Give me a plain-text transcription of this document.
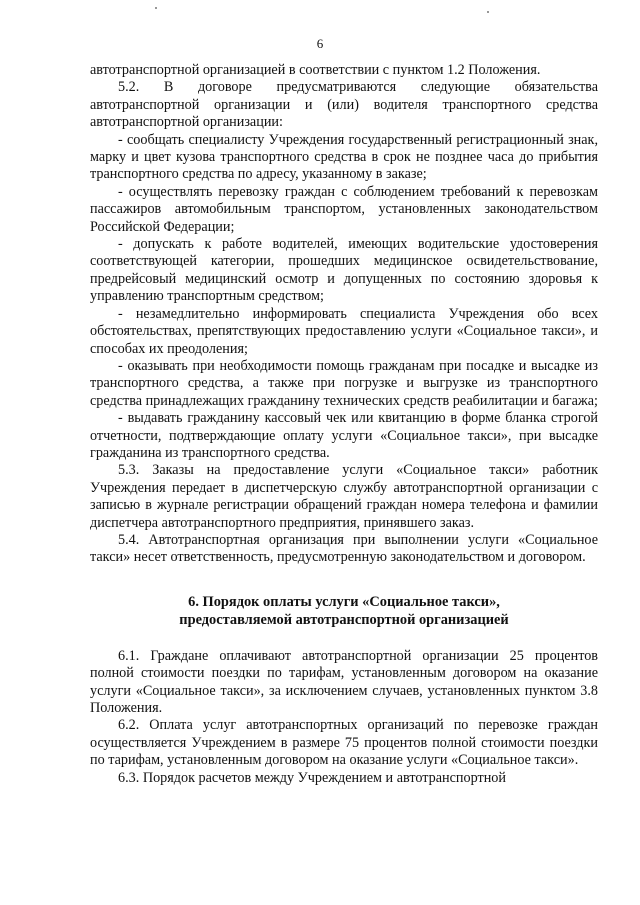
6

автотранспортной организацией в соответствии с пунктом 1.2 Положения.

5.2. В договоре предусматриваются следующие обязательства автотранспортной организации и (или) водителя транспортного средства автотранспортной организации:

- сообщать специалисту Учреждения государственный регистрационный знак, марку и цвет кузова транспортного средства в срок не позднее часа до прибытия транспортного средства по адресу, указанному в заказе;

- осуществлять перевозку граждан с соблюдением требований к перевозкам пассажиров автомобильным транспортом, установленных законодательством Российской Федерации;

- допускать к работе водителей, имеющих водительские удостоверения соответствующей категории, прошедших медицинское освидетельствование, предрейсовый медицинский осмотр и допущенных по состоянию здоровья к управлению транспортным средством;

- незамедлительно информировать специалиста Учреждения обо всех обстоятельствах, препятствующих предоставлению услуги «Социальное такси», и способах их преодоления;

- оказывать при необходимости помощь гражданам при посадке и высадке из транспортного средства, а также при погрузке и выгрузке из транспортного средства принадлежащих гражданину технических средств реабилитации и багажа;

- выдавать гражданину кассовый чек или квитанцию в форме бланка строгой отчетности, подтверждающие оплату услуги «Социальное такси», при высадке гражданина из транспортного средства.

5.3. Заказы на предоставление услуги «Социальное такси» работник Учреждения передает в диспетчерскую службу автотранспортной организации с записью в журнале регистрации обращений граждан номера телефона и фамилии диспетчера автотранспортного предприятия, принявшего заказ.

5.4. Автотранспортная организация при выполнении услуги «Социальное такси» несет ответственность, предусмотренную законодательством и договором.

6. Порядок оплаты услуги «Социальное такси»,
предоставляемой автотранспортной организацией

6.1. Граждане оплачивают автотранспортной организации 25 процентов полной стоимости поездки по тарифам, установленным договором на оказание услуги «Социальное такси», за исключением случаев, установленных пунктом 3.8 Положения.

6.2. Оплата услуг автотранспортных организаций по перевозке граждан осуществляется Учреждением в размере 75 процентов полной стоимости поездки по тарифам, установленным договором на оказание услуги «Социальное такси».

6.3. Порядок расчетов между Учреждением и автотранспортной
